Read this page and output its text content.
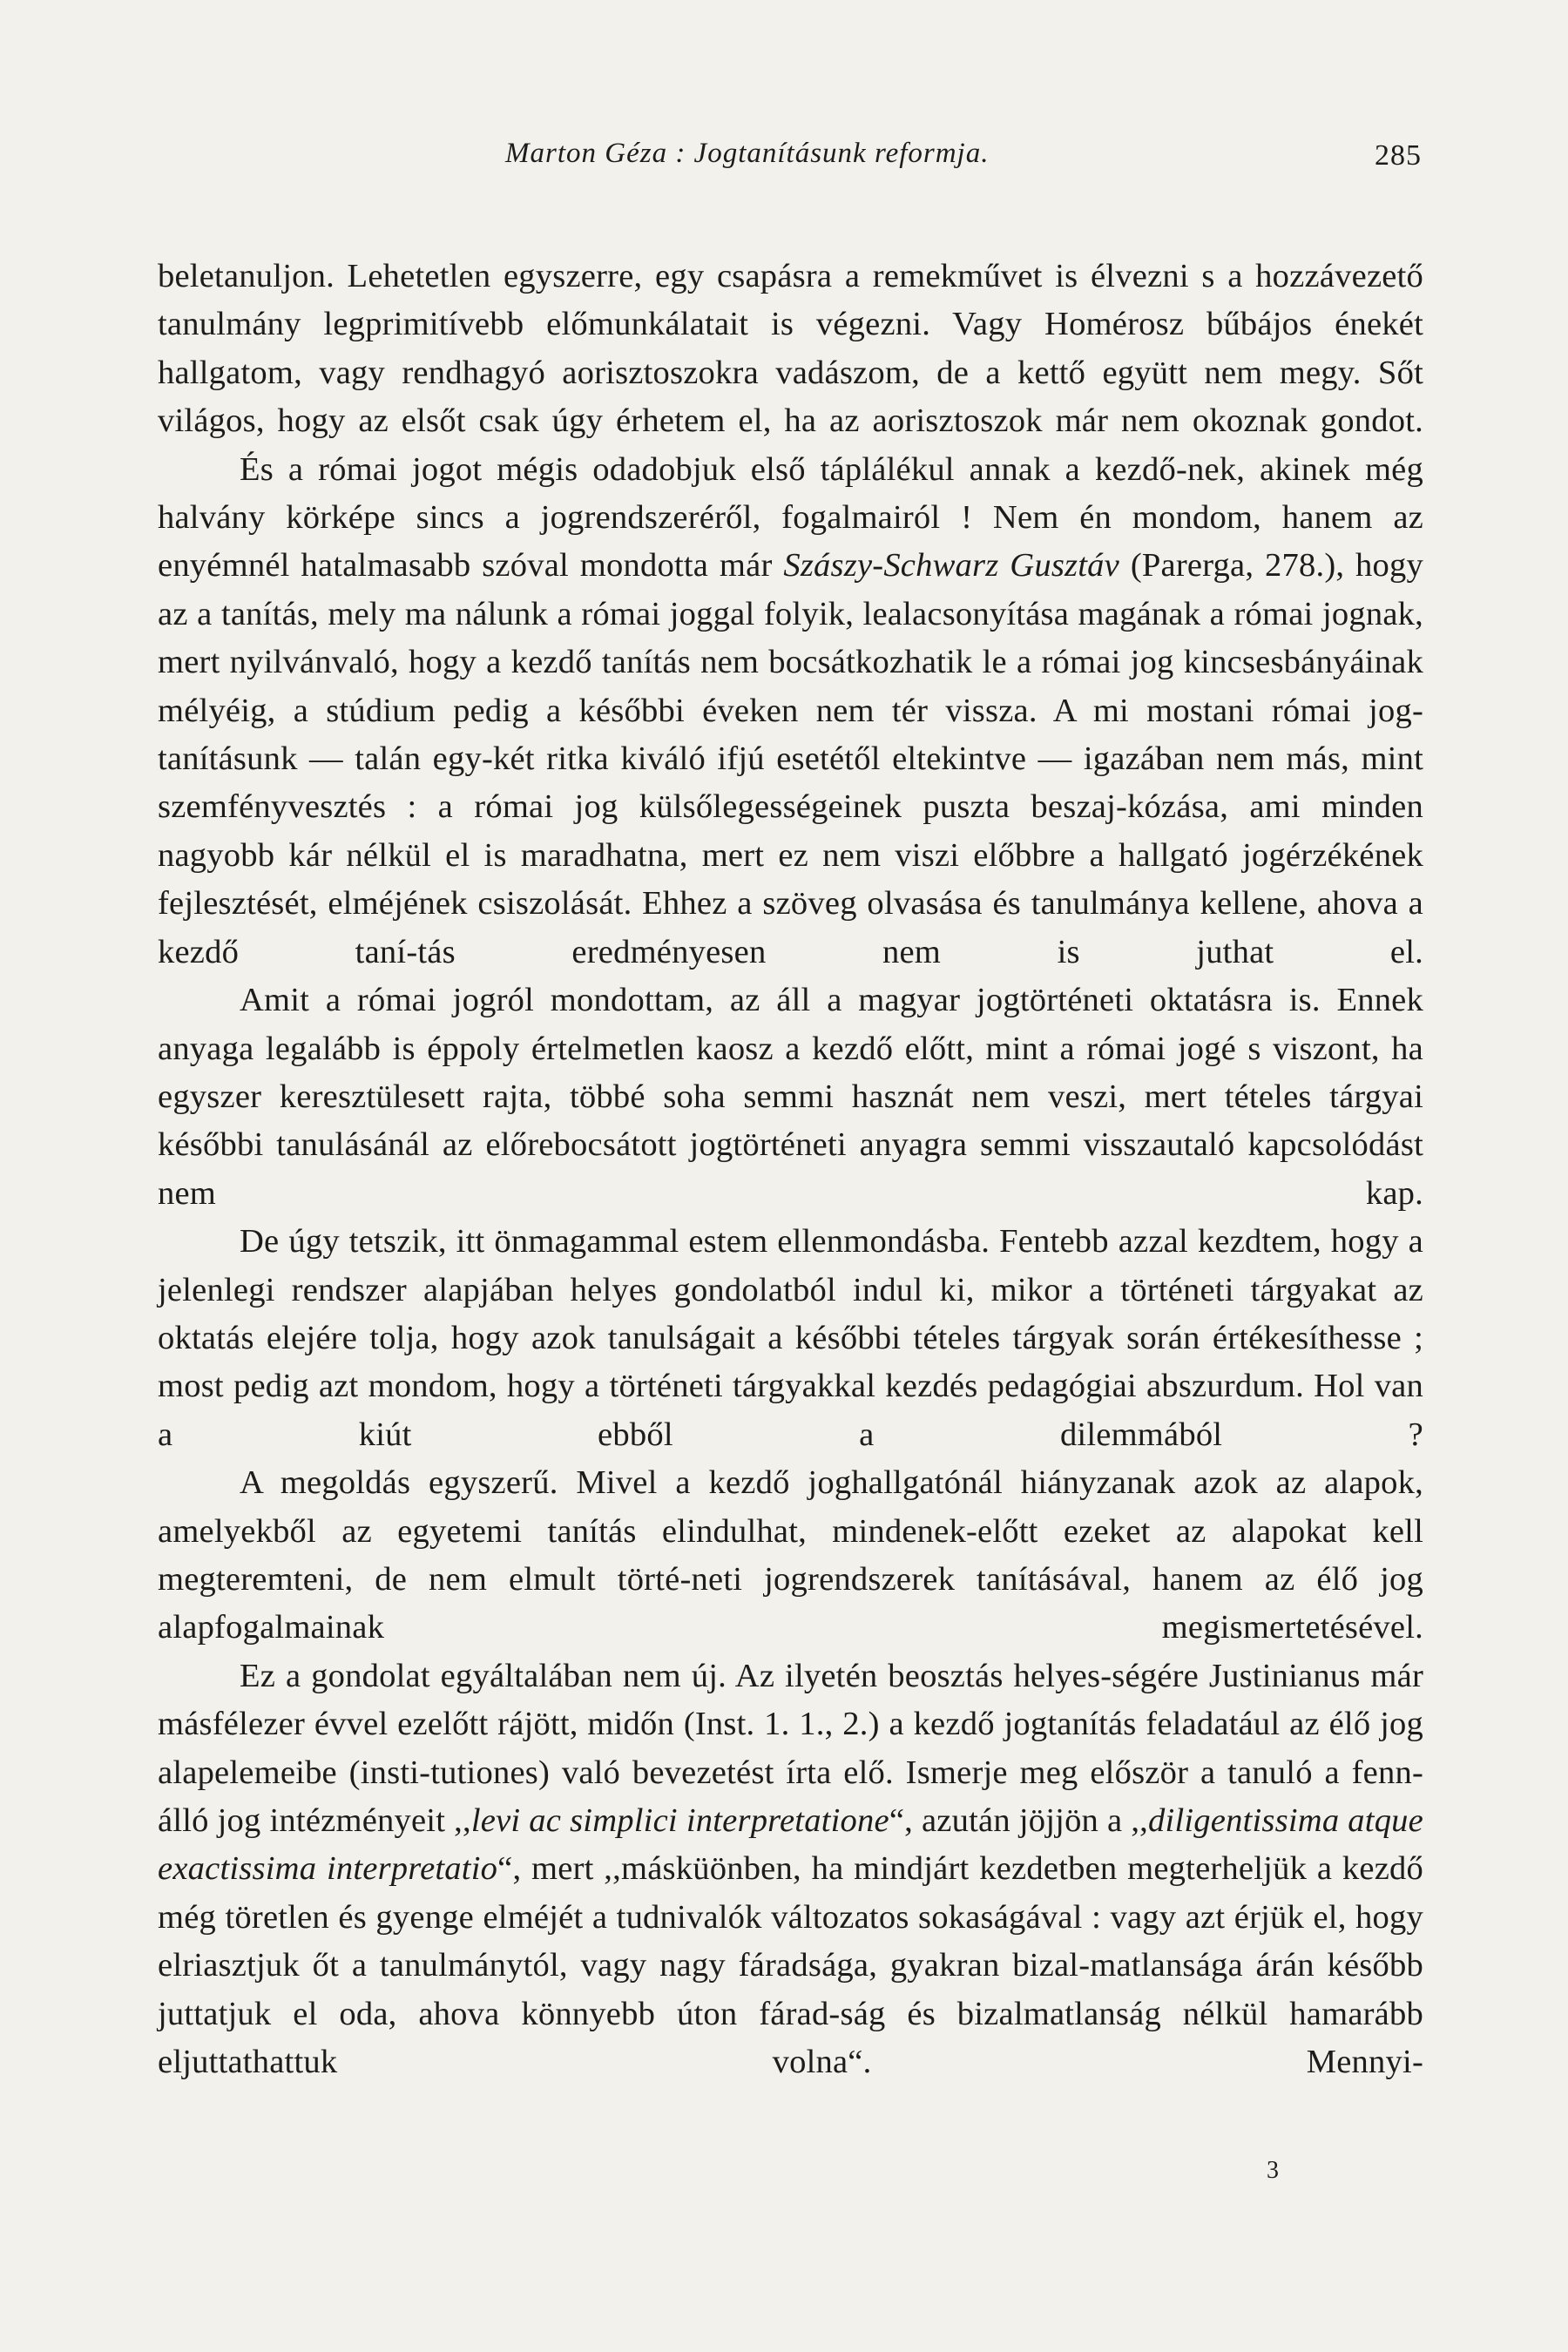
Marton Géza : Jogtanításunk reformja.	285

beletanuljon. Lehetetlen egyszerre, egy csapásra a remekművet is élvezni s a hozzávezető tanulmány legprimitívebb előmunkálatait is végezni. Vagy Homérosz bűbájos énekét hallgatom, vagy rendhagyó aorisztoszokra vadászom, de a kettő együtt nem megy. Sőt világos, hogy az elsőt csak úgy érhetem el, ha az aorisztoszok már nem okoznak gondot.

És a római jogot mégis odadobjuk első táplálékul annak a kezdő-nek, akinek még halvány körképe sincs a jogrendszeréről, fogalmairól ! Nem én mondom, hanem az enyémnél hatalmasabb szóval mondotta már Szászy-Schwarz Gusztáv (Parerga, 278.), hogy az a tanítás, mely ma nálunk a római joggal folyik, lealacsonyítása magának a római jognak, mert nyilvánvaló, hogy a kezdő tanítás nem bocsátkozhatik le a római jog kincsesbányáinak mélyéig, a stúdium pedig a későbbi éveken nem tér vissza. A mi mostani római jog-tanításunk — talán egy-két ritka kiváló ifjú esetétől eltekintve — igazában nem más, mint szemfényvesztés : a római jog külsőlegességeinek puszta beszaj-kózása, ami minden nagyobb kár nélkül el is maradhatna, mert ez nem viszi előbbre a hallgató jogérzékének fejlesztését, elméjének csiszolását. Ehhez a szöveg olvasása és tanulmánya kellene, ahova a kezdő taní-tás eredményesen nem is juthat el.

Amit a római jogról mondottam, az áll a magyar jogtörténeti oktatásra is. Ennek anyaga legalább is éppoly értelmetlen kaosz a kezdő előtt, mint a római jogé s viszont, ha egyszer keresztülesett rajta, többé soha semmi hasznát nem veszi, mert tételes tárgyai későbbi tanulásánál az előrebocsátott jogtörténeti anyagra semmi visszautaló kapcsolódást nem kap.

De úgy tetszik, itt önmagammal estem ellenmondásba. Fentebb azzal kezdtem, hogy a jelenlegi rendszer alapjában helyes gondolatból indul ki, mikor a történeti tárgyakat az oktatás elejére tolja, hogy azok tanulságait a későbbi tételes tárgyak során értékesíthesse ; most pedig azt mondom, hogy a történeti tárgyakkal kezdés pedagógiai abszurdum. Hol van a kiút ebből a dilemmából ?

A megoldás egyszerű. Mivel a kezdő joghallgatónál hiányzanak azok az alapok, amelyekből az egyetemi tanítás elindulhat, mindenek-előtt ezeket az alapokat kell megteremteni, de nem elmult törté-neti jogrendszerek tanításával, hanem az élő jog alapfogalmainak megismertetésével.

Ez a gondolat egyáltalában nem új. Az ilyetén beosztás helyes-ségére Justinianus már másfélezer évvel ezelőtt rájött, midőn (Inst. 1. 1., 2.) a kezdő jogtanítás feladatául az élő jog alapelemeibe (insti-tutiones) való bevezetést írta elő. Ismerje meg először a tanuló a fenn-álló jog intézményeit ,,levi ac simplici interpretatione“, azután jöjjön a ,,diligentissima atque exactissima interpretatio“, mert ,,másküönben, ha mindjárt kezdetben megterheljük a kezdő még töretlen és gyenge elméjét a tudnivalók változatos sokaságával : vagy azt érjük el, hogy elriasztjuk őt a tanulmánytól, vagy nagy fáradsága, gyakran bizal-matlansága árán később juttatjuk el oda, ahova könnyebb úton fárad-ság és bizalmatlanság nélkül hamarább eljuttathattuk volna“. Mennyi-

3
